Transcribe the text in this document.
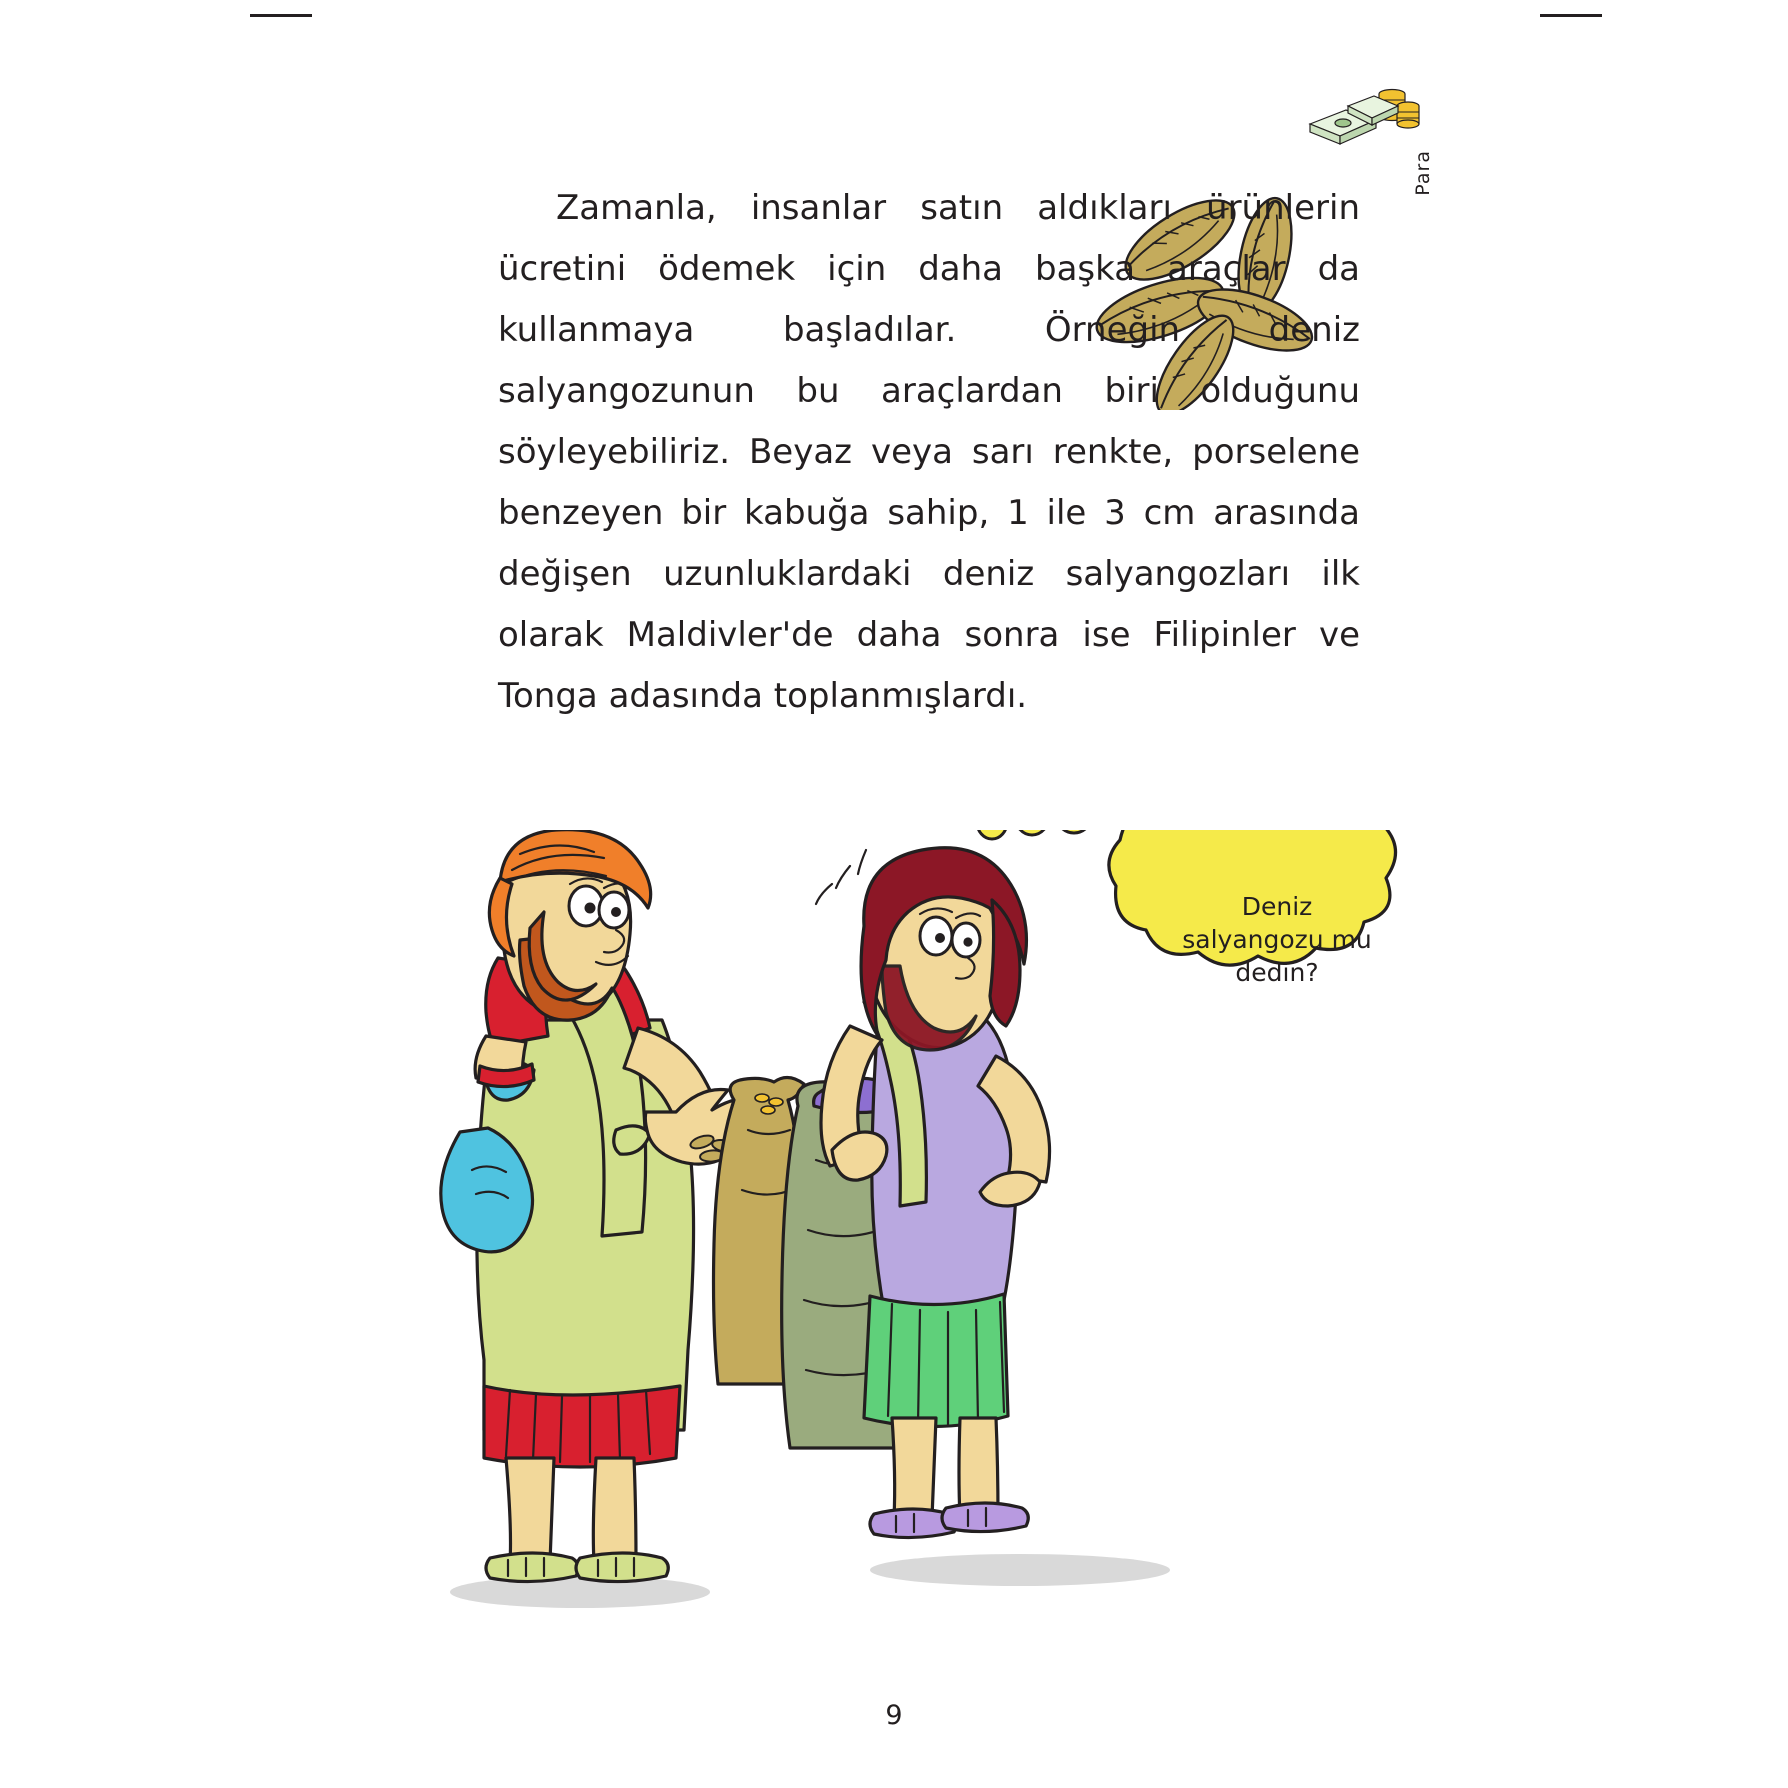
Para

Zamanla, insanlar satın aldıkları ürünlerin ücretini ödemek için daha başka araçlar da kullanmaya başladılar. Örneğin deniz salyangozunun bu araçlardan biri olduğunu söyleyebiliriz. Beyaz veya sarı renkte, porselene benzeyen bir kabuğa sahip, 1 ile 3 cm arasında değişen uzunluklardaki deniz salyangozları ilk olarak Maldivler'de daha sonra ise Filipinler ve Tonga adasında toplanmışlardı.

Deniz salyangozu mu dedin?
9
